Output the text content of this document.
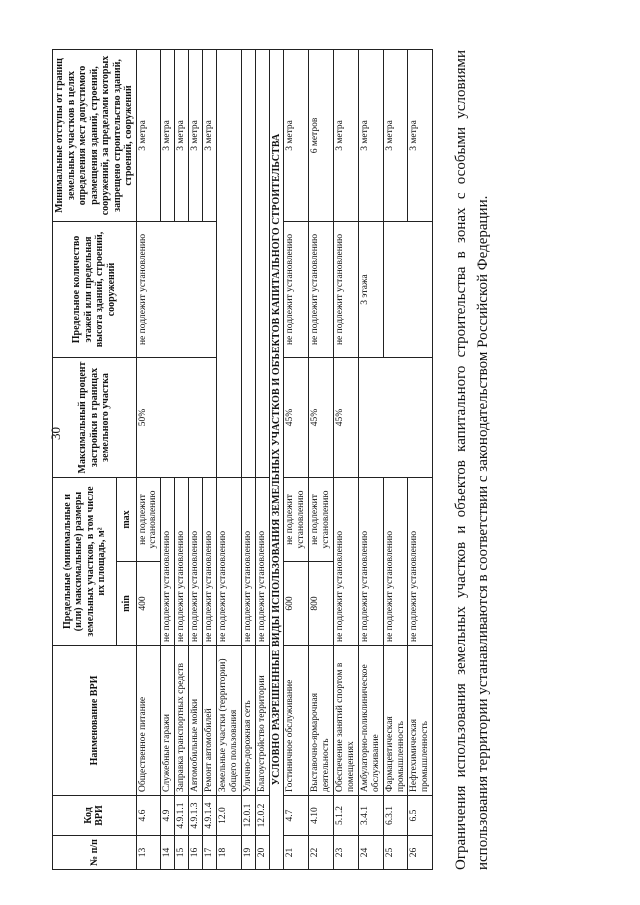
30
№ п/п	Код ВРИ	Наименование ВРИ	Предельные (минимальные и (или) максимальные) размеры земельных участков, в том числе их площадь, м²		Максимальный процент застройки в границах земельного участка	Предельное количество этажей или предельная высота зданий, строений, сооружений	Минимальные отступы от границ земельных участков в целях определения мест допустимого размещения зданий, строений, сооружений, за пределами которых запрещено строительство зданий, строений, сооружений
			min	max			
13	4.6	Общественное питание	400	не подлежит установлению	50%	не подлежит установлению	3 метра
14	4.9	Служебные гаражи	не подлежит установлению				3 метра
15	4.9.1.1	Заправка транспортных средств	не подлежит установлению				3 метра
16	4.9.1.3	Автомобильные мойки	не подлежит установлению				3 метра
17	4.9.1.4	Ремонт автомобилей	не подлежит установлению				3 метра
18	12.0	Земельные участки (территории) общего пользования	не подлежит установлению				
19	12.0.1	Улично-дорожная сеть	не подлежит установлению				
20	12.0.2	Благоустройство территории	не подлежит установлению				
УСЛОВНО РАЗРЕШЕННЫЕ ВИДЫ ИСПОЛЬЗОВАНИЯ ЗЕМЕЛЬНЫХ УЧАСТКОВ И ОБЪЕКТОВ КАПИТАЛЬНОГО СТРОИТЕЛЬСТВА							
21	4.7	Гостиничное обслуживание	600	не подлежит установлению	45%	не подлежит установлению	3 метра
22	4.10	Выставочно-ярмарочная деятельность	800	не подлежит установлению	45%	не подлежит установлению	6 метров
23	5.1.2	Обеспечение занятий спортом в помещениях	не подлежит установлению		45%	не подлежит установлению	3 метра
24	3.4.1	Амбулаторно-поликлиническое обслуживание	не подлежит установлению			3 этажа	3 метра
25	6.3.1	Фармацевтическая промышленность	не подлежит установлению				3 метра
26	6.5	Нефтехимическая промышленность	не подлежит установлению				3 метра Ограничения использования земельных участков и объектов капитального строительства в зонах с особыми условиями использования территории устанавливаются в соответствии с законодательством Российской Федерации.
